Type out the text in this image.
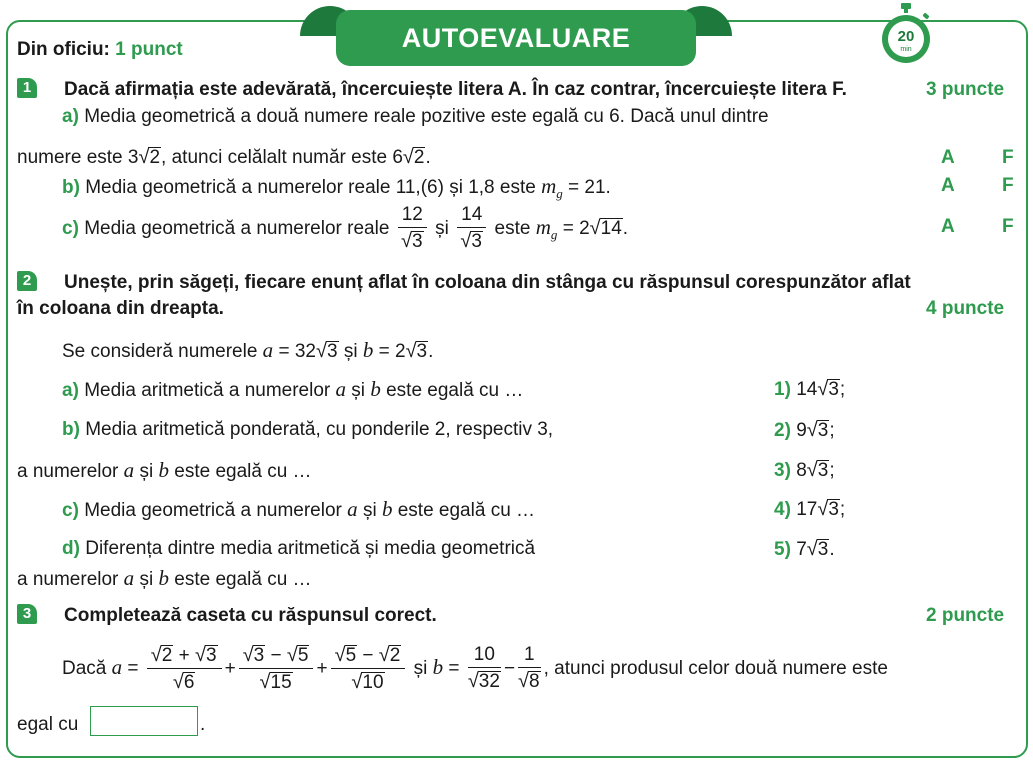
AUTOEVALUARE	20
min
Din oficiu: 1 punct
1	Dacă afirmația este adevărată, încercuiește litera A. În caz contrar, încercuiește litera F.	3 puncte
a) Media geometrică a două numere reale pozitive este egală cu 6. Dacă unul dintre
numere este 3√2, atunci celălalt număr este 6√2.	A F
b) Media geometrică a numerelor reale 11,(6) și 1,8 este $m_g = 21$.	A F
c) Media geometrică a numerelor reale $\frac{12}{√3}$ și $\frac{14}{√3}$ este $m_g = 2√14$.	A F
2	Unește, prin săgeți, fiecare enunț aflat în coloana din stânga cu răspunsul corespunzător aflat
în coloana din dreapta.	4 puncte
Se consideră numerele a = 32√3 și b = 2√3.
a) Media aritmetică a numerelor a și b este egală cu …
b) Media aritmetică ponderată, cu ponderile 2, respectiv 3,
a numerelor a și b este egală cu …
c) Media geometrică a numerelor a și b este egală cu …
d) Diferența dintre media aritmetică și media geometrică
a numerelor a și b este egală cu …
1) 14√3;
2) 9√3;
3) 8√3;
4) 17√3;
5) 7√3.
3	Completează caseta cu răspunsul corect.	2 puncte
Dacă $a = \frac{√2 + √3}{√6} + \frac{√3 - √5}{√15} + \frac{√5 - √2}{√10}$ și $b = \frac{10}{√32} - \frac{1}{√8}$ , atunci produsul celor două numere este
egal cu	.
